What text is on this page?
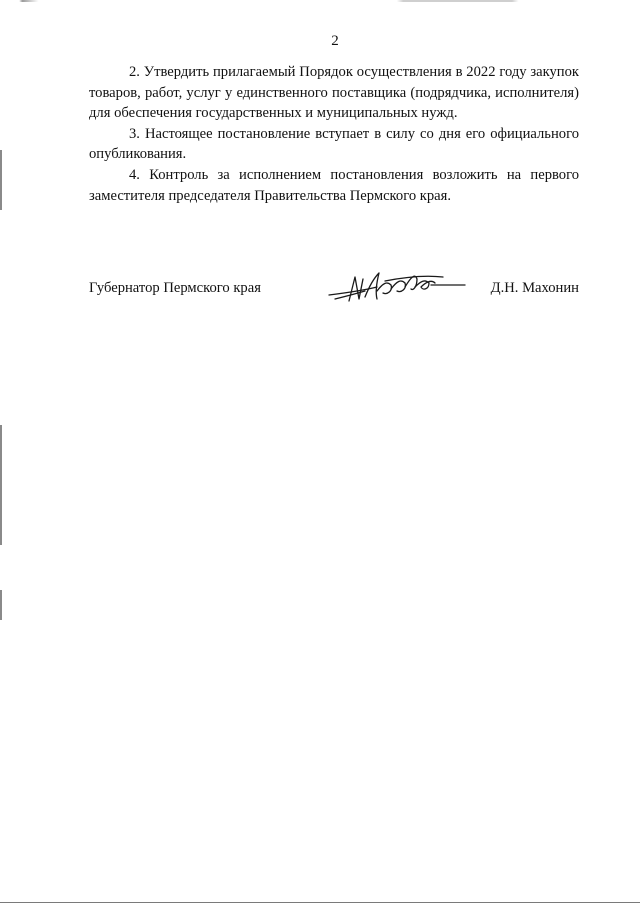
2

2. Утвердить прилагаемый Порядок осуществления в 2022 году закупок товаров, работ, услуг у единственного поставщика (подрядчика, исполнителя) для обеспечения государственных и муниципальных нужд.

3. Настоящее постановление вступает в силу со дня его официального опубликования.

4. Контроль за исполнением постановления возложить на первого заместителя председателя Правительства Пермского края.

Губернатор Пермского края	Д.Н. Махонин
